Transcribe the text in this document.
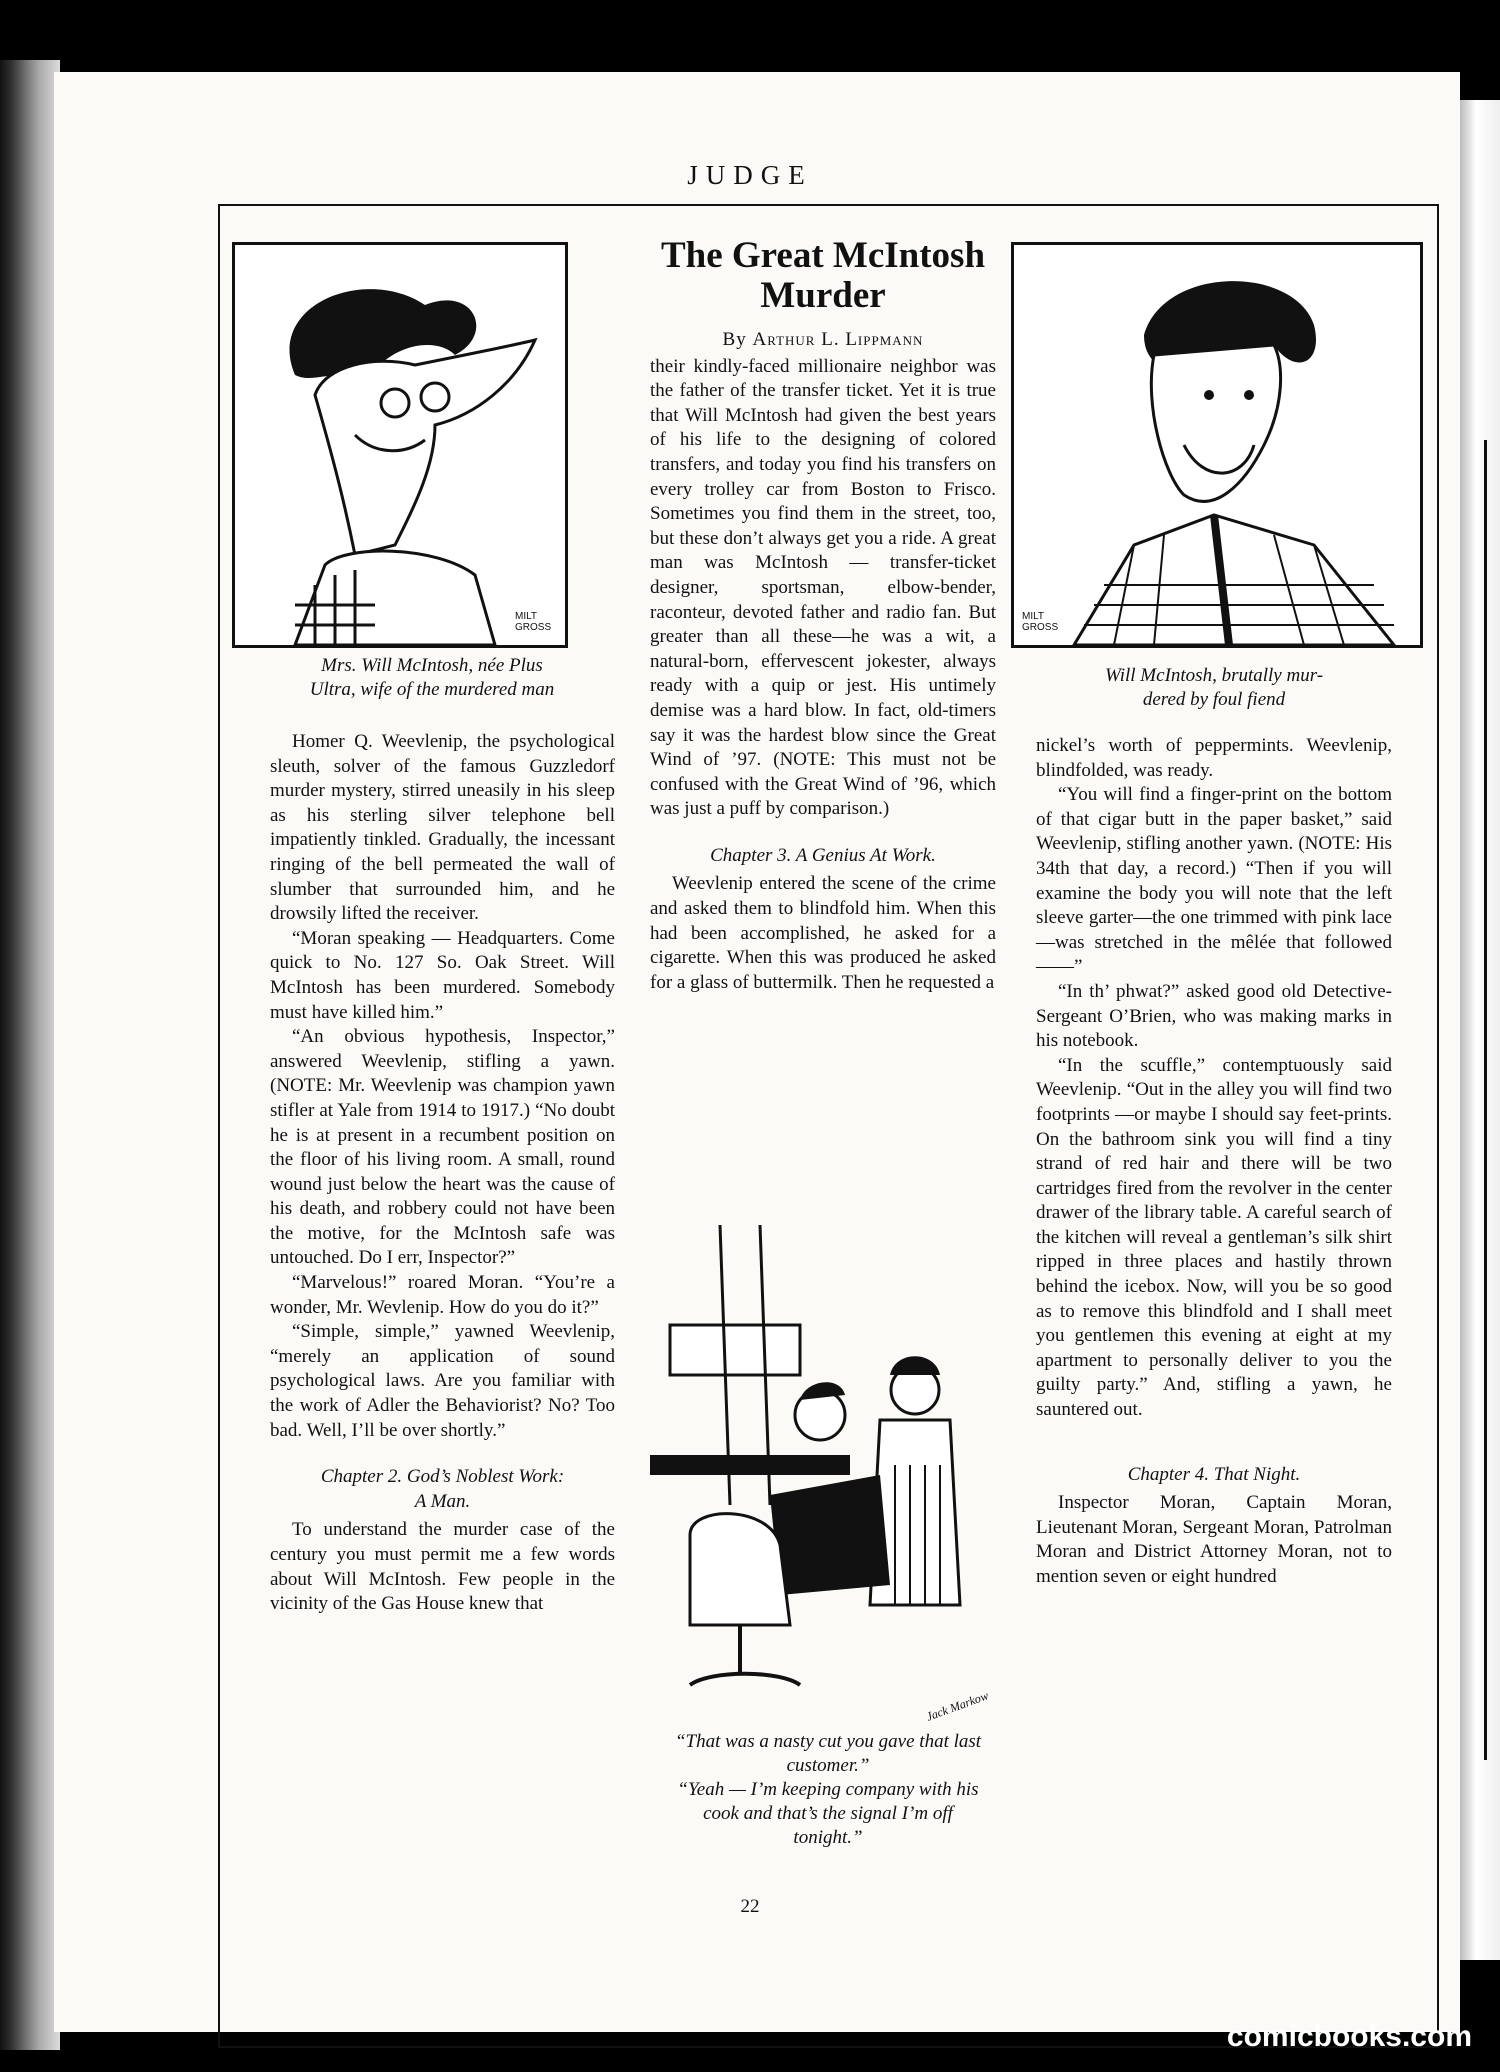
JUDGE
MILT GROSS
Mrs. Will McIntosh, née Plus
Ultra, wife of the murdered man
MILT GROSS
Will McIntosh, brutally mur-
dered by foul fiend

Homer Q. Weevlenip, the psychological sleuth, solver of the famous Guzzledorf murder mystery, stirred uneasily in his sleep as his sterling silver telephone bell impatiently tinkled. Gradually, the incessant ringing of the bell permeated the wall of slumber that surrounded him, and he drowsily lifted the receiver.

“Moran speaking — Headquarters. Come quick to No. 127 So. Oak Street. Will McIntosh has been murdered. Somebody must have killed him.”

“An obvious hypothesis, Inspector,” answered Weevlenip, stifling a yawn. (NOTE: Mr. Weevlenip was champion yawn stifler at Yale from 1914 to 1917.) “No doubt he is at present in a recumbent position on the floor of his living room. A small, round wound just below the heart was the cause of his death, and robbery could not have been the motive, for the McIntosh safe was untouched. Do I err, Inspector?”

“Marvelous!” roared Moran. “You’re a wonder, Mr. Wevlenip. How do you do it?”

“Simple, simple,” yawned Weevlenip, “merely an application of sound psychological laws. Are you familiar with the work of Adler the Behaviorist? No? Too bad. Well, I’ll be over shortly.”

Chapter 2. God’s Noblest Work:
A Man.

To understand the murder case of the century you must permit me a few words about Will McIntosh. Few people in the vicinity of the Gas House knew that

The Great McIntosh Murder
By Arthur L. Lippmann

their kindly-faced millionaire neighbor was the father of the transfer ticket. Yet it is true that Will McIntosh had given the best years of his life to the designing of colored transfers, and today you find his transfers on every trolley car from Boston to Frisco. Sometimes you find them in the street, too, but these don’t always get you a ride. A great man was McIntosh — transfer-ticket designer, sportsman, elbow-bender, raconteur, devoted father and radio fan. But greater than all these—he was a wit, a natural-born, effervescent jokester, always ready with a quip or jest. His untimely demise was a hard blow. In fact, old-timers say it was the hardest blow since the Great Wind of ’97. (NOTE: This must not be confused with the Great Wind of ’96, which was just a puff by comparison.)

Chapter 3. A Genius At Work.

Weevlenip entered the scene of the crime and asked them to blindfold him. When this had been accomplished, he asked for a cigarette. When this was produced he asked for a glass of buttermilk. Then he requested a

Jack Markow
“That was a nasty cut you gave that last customer.”
“Yeah — I’m keeping company with his cook and that’s the signal I’m off tonight.”

nickel’s worth of peppermints. Weevlenip, blindfolded, was ready.

“You will find a finger-print on the bottom of that cigar butt in the paper basket,” said Weevlenip, stifling another yawn. (NOTE: His 34th that day, a record.) “Then if you will examine the body you will note that the left sleeve garter—the one trimmed with pink lace—was stretched in the mêlée that followed——”

“In th’ phwat?” asked good old Detective-Sergeant O’Brien, who was making marks in his notebook.

“In the scuffle,” contemptuously said Weevlenip. “Out in the alley you will find two footprints —or maybe I should say feet-prints. On the bathroom sink you will find a tiny strand of red hair and there will be two cartridges fired from the revolver in the center drawer of the library table. A careful search of the kitchen will reveal a gentleman’s silk shirt ripped in three places and hastily thrown behind the icebox. Now, will you be so good as to remove this blindfold and I shall meet you gentlemen this evening at eight at my apartment to personally deliver to you the guilty party.” And, stifling a yawn, he sauntered out.

Chapter 4. That Night.

Inspector Moran, Captain Moran, Lieutenant Moran, Sergeant Moran, Patrolman Moran and District Attorney Moran, not to mention seven or eight hundred

22
comicbooks.com
